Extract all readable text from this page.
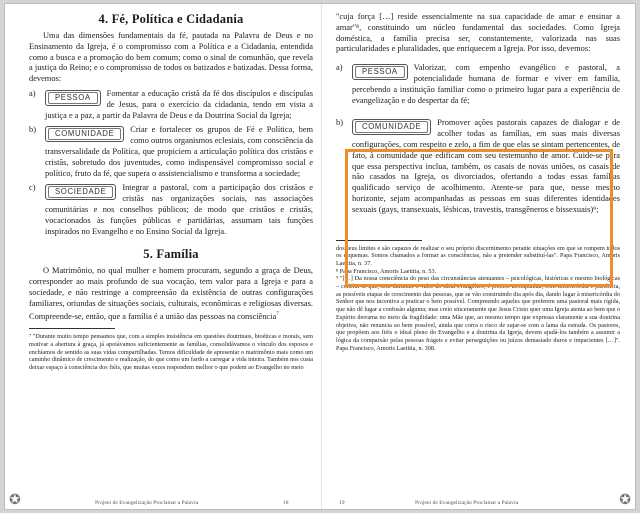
4. Fé, Política e Cidadania

Uma das dimensões fundamentais da fé, pautada na Palavra de Deus e no Ensinamento da Igreja, é o compromisso com a Política e a Cidadania, entendida como a busca e a promoção do bem comum; como o sinal de comunhão, que revela a justiça do Reino; e o compromisso de todos os batizados e batizadas. Dessa forma, devemos:

a)	PESSOA	Fomentar a educação cristã da fé dos discípulos e discípulas de Jesus, para o exercício da cidadania, tendo em vista a justiça e a paz, a partir da Palavra de Deus e da Doutrina Social da Igreja;

b)	COMUNIDADE	Criar e fortalecer os grupos de Fé e Política, bem como outros organismos eclesiais, com consciência da transversalidade da Política, que propiciem a articulação política dos cristãos e cristãs, sobretudo dos juventudes, como indispensável compromisso social e político, fruto da fé, que supera o assistencialismo e transforma a sociedade;

c)	SOCIEDADE	Integrar a pastoral, com a participação dos cristãos e cristãs nas organizações sociais, nas associações comunitárias e nos conselhos públicos; de modo que cristãos e cristãs, vocacionados às funções públicas e partidárias, assumam tais funções inspirados no Evangelho e no Ensino Social da Igreja.

5. Família

O Matrimônio, no qual mulher e homem procuram, segundo a graça de Deus, corresponder ao mais profundo de sua vocação, tem valor para a Igreja e para a sociedade, e não restringe a compreensão da existência de outras configurações familiares, oriundas de situações sociais, culturais, econômicas e religiosas diversas. Compreende-se, então, que a família é a união das pessoas na consciência$^7$

⁷ "Durante muito tempo pensamos que, com a simples insistência em questões doutrinais, bioéticas e morais, sem motivar a abertura à graça, já apoiávamos suficientemente as famílias, consolidávamos o vínculo dos esposos e enchíamos de sentido as suas vidas compartilhadas. Temos dificuldade de apresentar o matrimônio mais como um caminho dinâmico de crescimento e realização, do que como um fardo a carregar a vida inteira. Também nos custa deixar espaço à consciência dos fiéis, que muitas vezes respondem melhor o que podem ao Evangelho no meio

✪	Projeto de Evangelização Proclamar a Palavra	18

"cuja força […] reside essencialmente na sua capacidade de amar e ensinar a amar"⁸, constituindo um núcleo fundamental das sociedades. Como Igreja doméstica, a família precisa ser, constantemente, valorizada nas suas particularidades e pluralidades, que enriquecem a Igreja. Por isso, devemos:

a)	PESSOA	Valorizar, com empenho evangélico e pastoral, a potencialidade humana de formar e viver em família, percebendo a instituição familiar como o primeiro lugar para a experiência de evangelização e do despertar da fé;

b)	COMUNIDADE	Promover ações pastorais capazes de dialogar e de acolher todas as famílias, em suas mais diversas configurações, com respeito e zelo, a fim de que elas se sintam pertencentes, de fato, à comunidade que edificam com seu testemunho de amor. Cuide-se para que essa perspectiva inclua, também, os casais de novas uniões, os casais de não casados na Igreja, os divorciados, ofertando a todas essas famílias qualificado serviço de acolhimento. Atente-se para que, nesse mesmo horizonte, sejam acompanhadas as pessoas em suas diferentes identidades sexuais (gays, transexuais, lésbicas, travestis, transgêneros e bissexuais)⁹;

dos seus limites e são capazes de realizar o seu próprio discernimento perante situações em que se rompem todos os esquemas. Somos chamados a formar as consciências, não a pretender substituí-las". Papa Francisco, Amoris Laetitia, n. 37.

⁸ Papa Francisco, Amoris Laetitia, n. 53.

⁹ "[…] Da nossa consciência do peso das circunstâncias atenuantes – psicológicas, históricas e mesmo biológicas – conclui-se que, sem diminuir o valor do ideal evangélico, é preciso acompanhar, com misericórdia e paciência, as possíveis etapas de crescimento das pessoas, que se vão construindo dia após dia, dando lugar à misericórdia do Senhor que nos incentiva a praticar o bem possível. Compreendo aqueles que preferem uma pastoral mais rígida, que não dê lugar a confusão alguma; mas creio sinceramente que Jesus Cristo quer uma Igreja atenta ao bem que o Espírito derrama no meio da fragilidade: uma Mãe que, ao mesmo tempo que expressa claramente a sua doutrina objetiva, não renuncia ao bem possível, ainda que corra o risco de sujar-se com a lama da estrada. Os pastores, que propõem aos fiéis o ideal pleno do Evangelho e a doutrina da Igreja, devem ajudá-los também a assumir a lógica da compaixão pelas pessoas frágeis e evitar perseguições ou juízos demasiado duros e impacientes […]". Papa Francisco, Amoris Laetitia, n. 308.

19	Projeto de Evangelização Proclamar a Palavra	✪
